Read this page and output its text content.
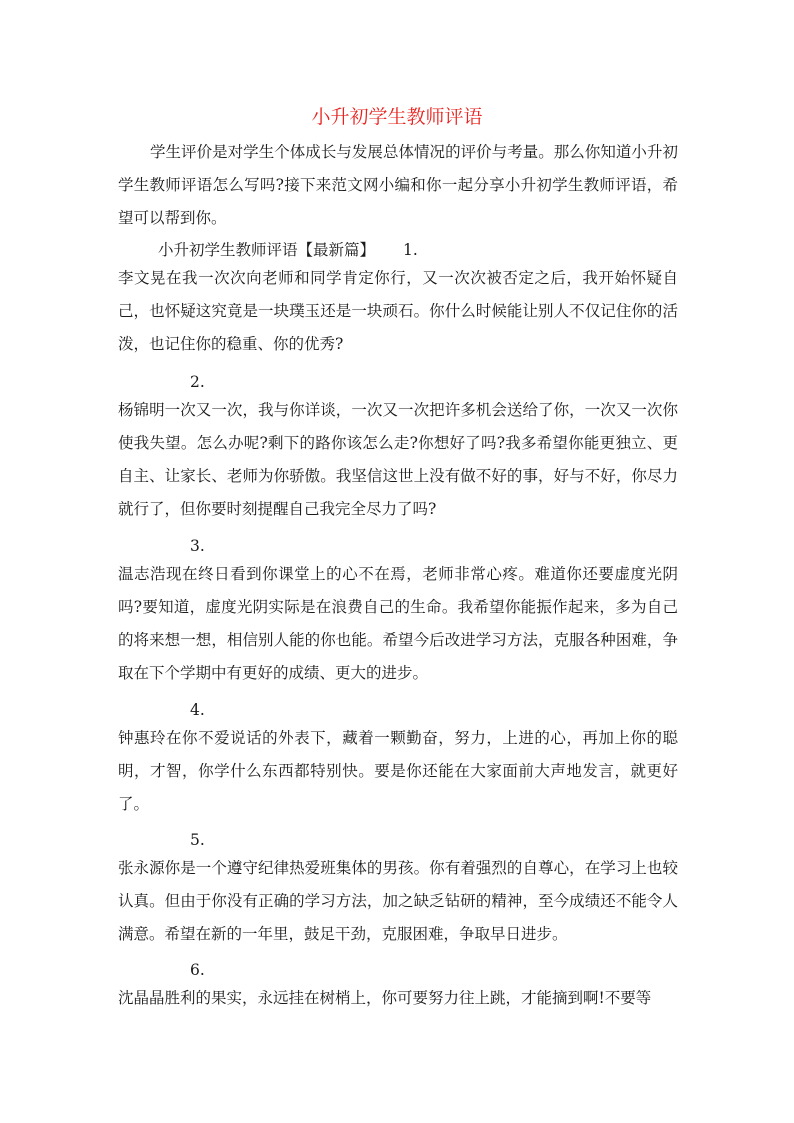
小升初学生教师评语

学生评价是对学生个体成长与发展总体情况的评价与考量。那么你知道小升初学生教师评语怎么写吗?接下来范文网小编和你一起分享小升初学生教师评语，希望可以帮到你。

小升初学生教师评语【最新篇】 1.

李文晃在我一次次向老师和同学肯定你行，又一次次被否定之后，我开始怀疑自己，也怀疑这究竟是一块璞玉还是一块顽石。你什么时候能让别人不仅记住你的活泼，也记住你的稳重、你的优秀?

2.

杨锦明一次又一次，我与你详谈，一次又一次把许多机会送给了你，一次又一次你使我失望。怎么办呢?剩下的路你该怎么走?你想好了吗?我多希望你能更独立、更自主、让家长、老师为你骄傲。我坚信这世上没有做不好的事，好与不好，你尽力就行了，但你要时刻提醒自己我完全尽力了吗?

3.

温志浩现在终日看到你课堂上的心不在焉，老师非常心疼。难道你还要虚度光阴吗?要知道，虚度光阴实际是在浪费自己的生命。我希望你能振作起来，多为自己的将来想一想，相信别人能的你也能。希望今后改进学习方法，克服各种困难，争取在下个学期中有更好的成绩、更大的进步。

4.

钟惠玲在你不爱说话的外表下，藏着一颗勤奋，努力，上进的心，再加上你的聪明，才智，你学什么东西都特别快。要是你还能在大家面前大声地发言，就更好了。

5.

张永源你是一个遵守纪律热爱班集体的男孩。你有着强烈的自尊心，在学习上也较认真。但由于你没有正确的学习方法，加之缺乏钻研的精神，至今成绩还不能令人满意。希望在新的一年里，鼓足干劲，克服困难，争取早日进步。

6.

沈晶晶胜利的果实，永远挂在树梢上，你可要努力往上跳，才能摘到啊!不要等
